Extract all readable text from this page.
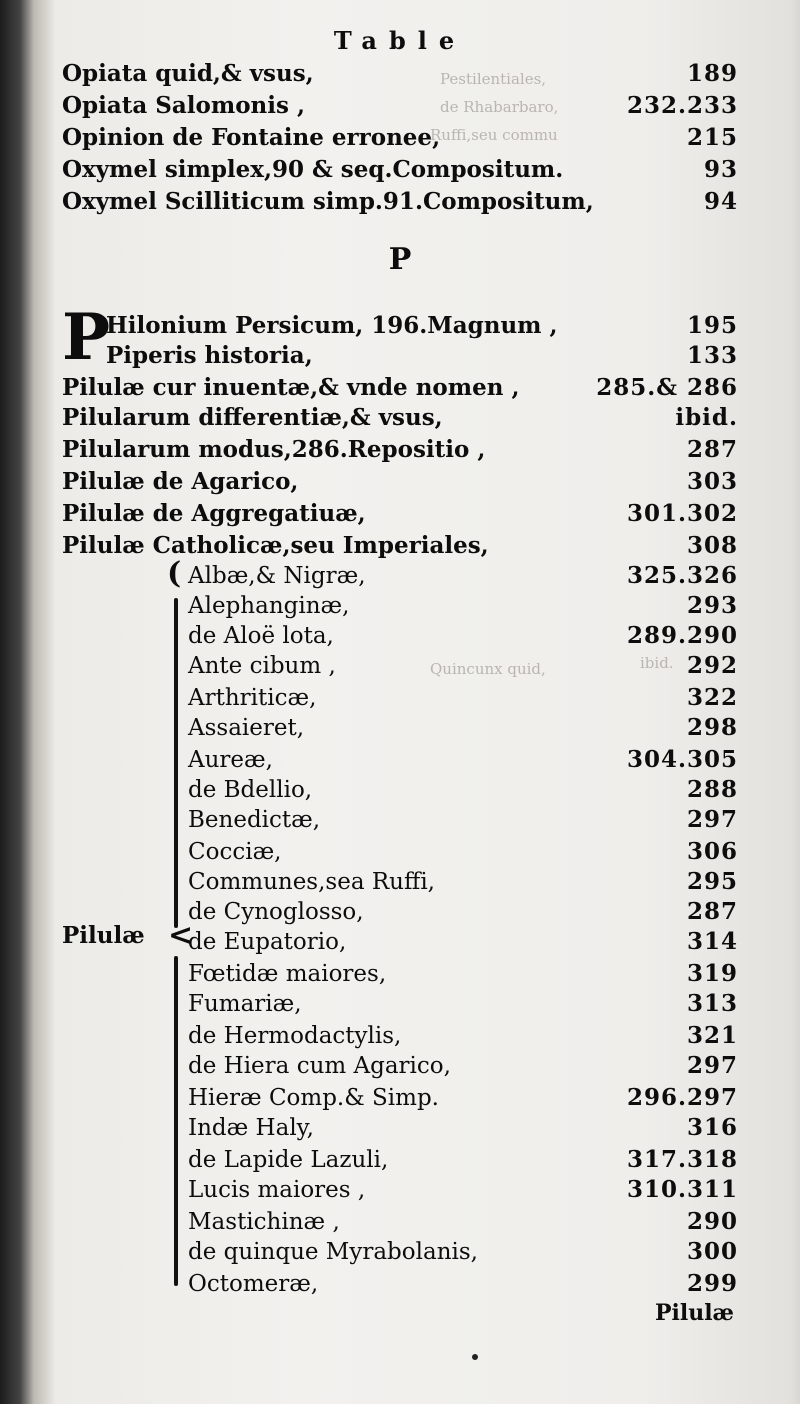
Pestilentiales,
de Rhabarbaro,
Ruffi,seu commu
ibid.
Quincunx quid,
Table
Opiata quid,& vsus,	189
Opiata Salomonis ,	232.233
Opinion de Fontaine erronee,	215
Oxymel simplex,90 & seq.Compositum.	93
Oxymel Scilliticum simp.91.Compositum,	94
P
P
Hilonium Persicum, 196.Magnum ,	195
Piperis historia,	133
Pilulæ cur inuentæ,& vnde nomen ,	285.& 286
Pilularum differentiæ,& vsus,	ibid.
Pilularum modus,286.Repositio ,	287
Pilulæ de Agarico,	303
Pilulæ de Aggregatiuæ,	301.302
Pilulæ Catholicæ,seu Imperiales,	308
(
<
Pilulæ
Albæ,& Nigræ,	325.326
Alephanginæ,	293
de Aloë lota,	289.290
Ante cibum ,	292
Arthriticæ,	322
Assaieret,	298
Aureæ,	304.305
de Bdellio,	288
Benedictæ,	297
Cocciæ,	306
Communes,sea Ruffi,	295
de Cynoglosso,	287
de Eupatorio,	314
Fœtidæ maiores,	319
Fumariæ,	313
de Hermodactylis,	321
de Hiera cum Agarico,	297
Hieræ Comp.& Simp.	296.297
Indæ Haly,	316
de Lapide Lazuli,	317.318
Lucis maiores ,	310.311
Mastichinæ ,	290
de quinque Myrabolanis,	300
Octomeræ,	299
Pilulæ
